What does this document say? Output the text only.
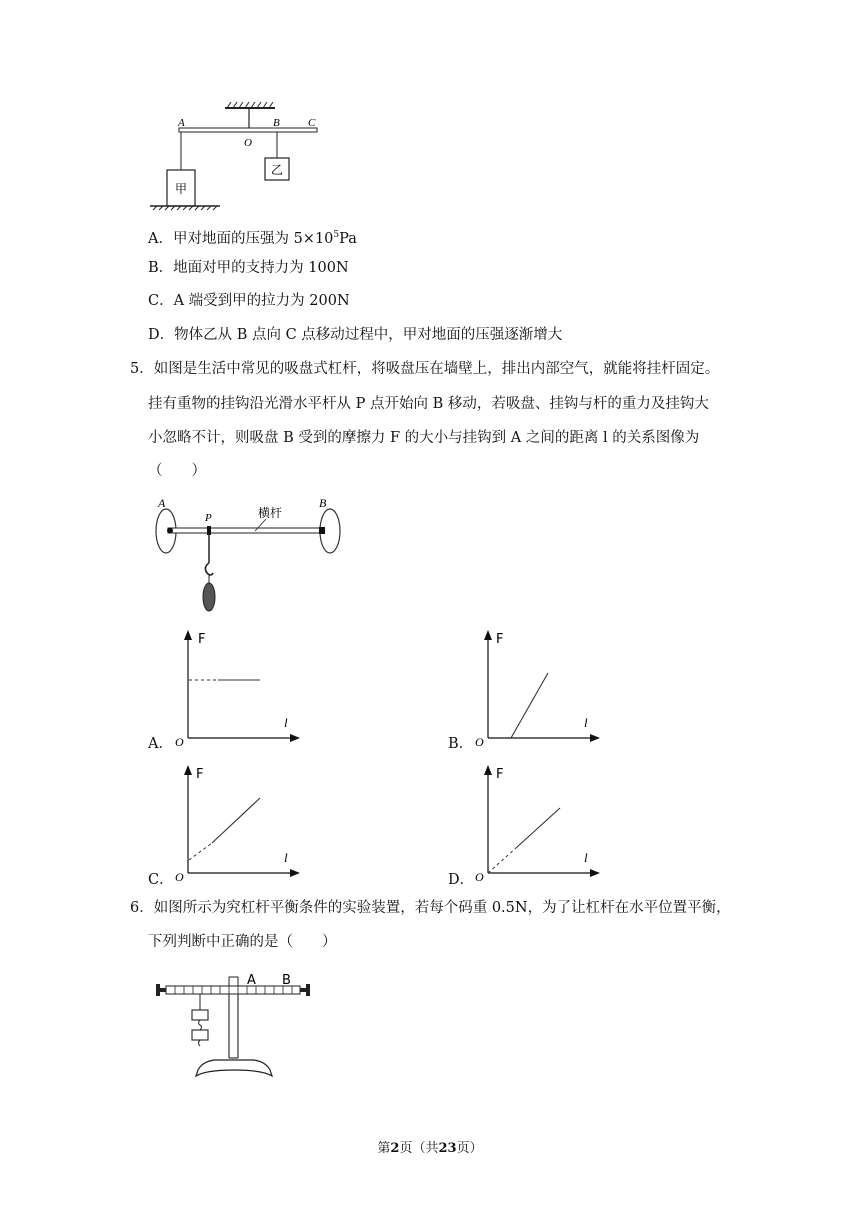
A
O
B	C
甲
乙
A．甲对地面的压强为 $5\times 10^5Pa$
B．地面对甲的支持力为 100N
C．A 端受到甲的拉力为 200N
D．物体乙从 B 点向 C 点移动过程中，甲对地面的压强逐渐增大
5．如图是生活中常见的吸盘式杠杆，将吸盘压在墙壁上，排出内部空气，就能将挂杆固定。
挂有重物的挂钩沿光滑水平杆从 P 点开始向 B 移动，若吸盘、挂钩与杆的重力及挂钩大
小忽略不计，则吸盘 B 受到的摩擦力 F 的大小与挂钩到 A 之间的距离 l 的关系图像为
（　　）
A
P
B
横杆
F
l
O
A．
F
l
O
B．
F
l
O
C．
F
l
O
D．
6．如图所示为究杠杆平衡条件的实验装置，若每个码重 0.5N，为了让杠杆在水平位置平衡，
下列判断中正确的是（　　）
A B
第2页（共23页）
